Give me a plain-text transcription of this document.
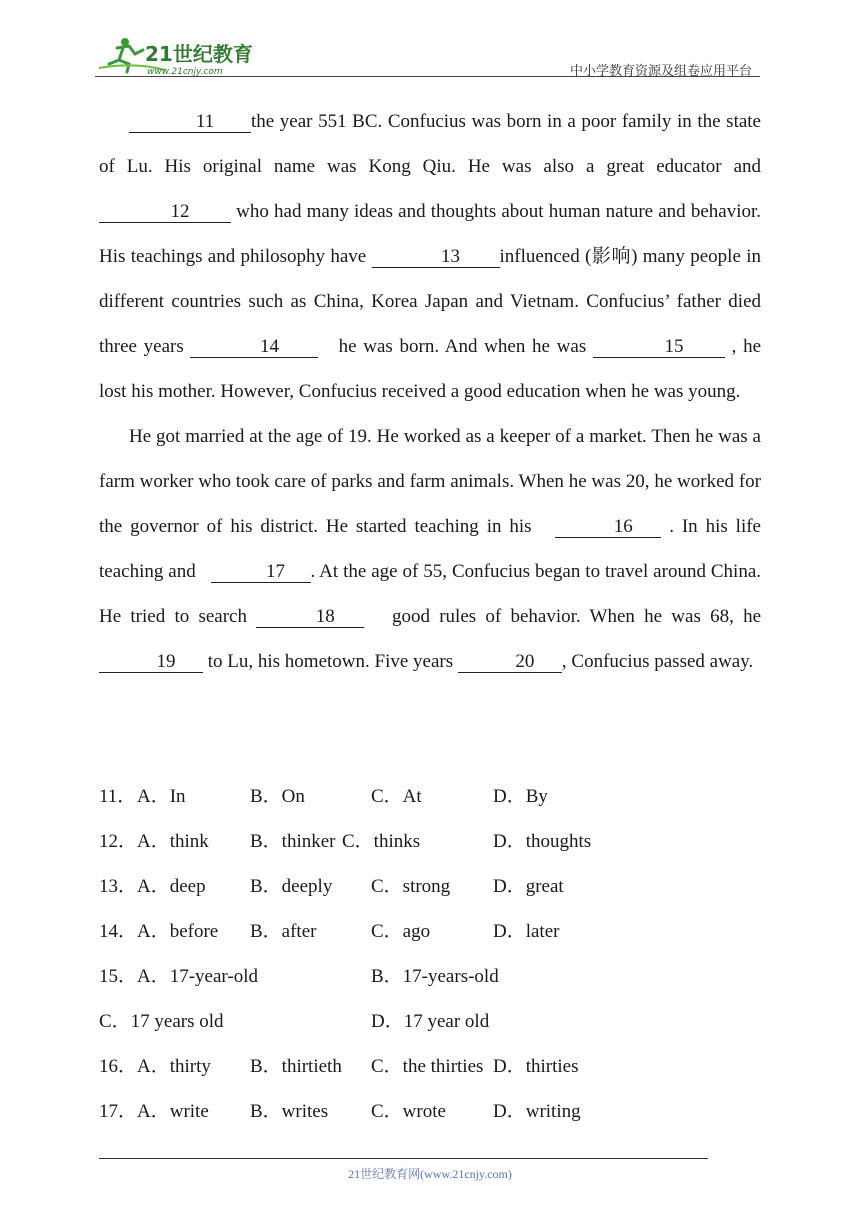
21世纪教育
www.21cnjy.com	中小学教育资源及组卷应用平台

11 the year 551 BC. Confucius was born in a poor family in the state of Lu. His original name was Kong Qiu. He was also a great educator and12 who had many ideas and thoughts about human nature and behavior. His teachings and philosophy have	13 influenced (影响) many people in different countries such as China, Korea Japan and Vietnam. Confucius’ father died three years	14	he was born. And when he was	15	, he lost his mother. However, Confucius received a good education when he was young.

He got married at the age of 19. He worked as a keeper of a market. Then he was a farm worker who took care of parks and farm animals. When he was 20, he worked for the governor of his district. He started teaching in his	16 . In his life teaching and	17 . At the age of 55, Confucius began to travel around China. He tried to search	18	good rules of behavior. When he was 68, he 19 to Lu, his hometown. Five years	20 , Confucius passed away.

11． A．In	B．On	C．At	D．By
12． A．think B．thinker C．thinks	D．thoughts
13． A．deep B．deeply C．strong D．great
14． A．before B．after	C．ago	D．later
15． A．17-year-old	B．17-years-old
C．17 years old	D．17 year old
16． A．thirty B．thirtieth C．the thirties D．thirties
17． A．write B．writes C．wrote D．writing
21世纪教育网(www.21cnjy.com)
